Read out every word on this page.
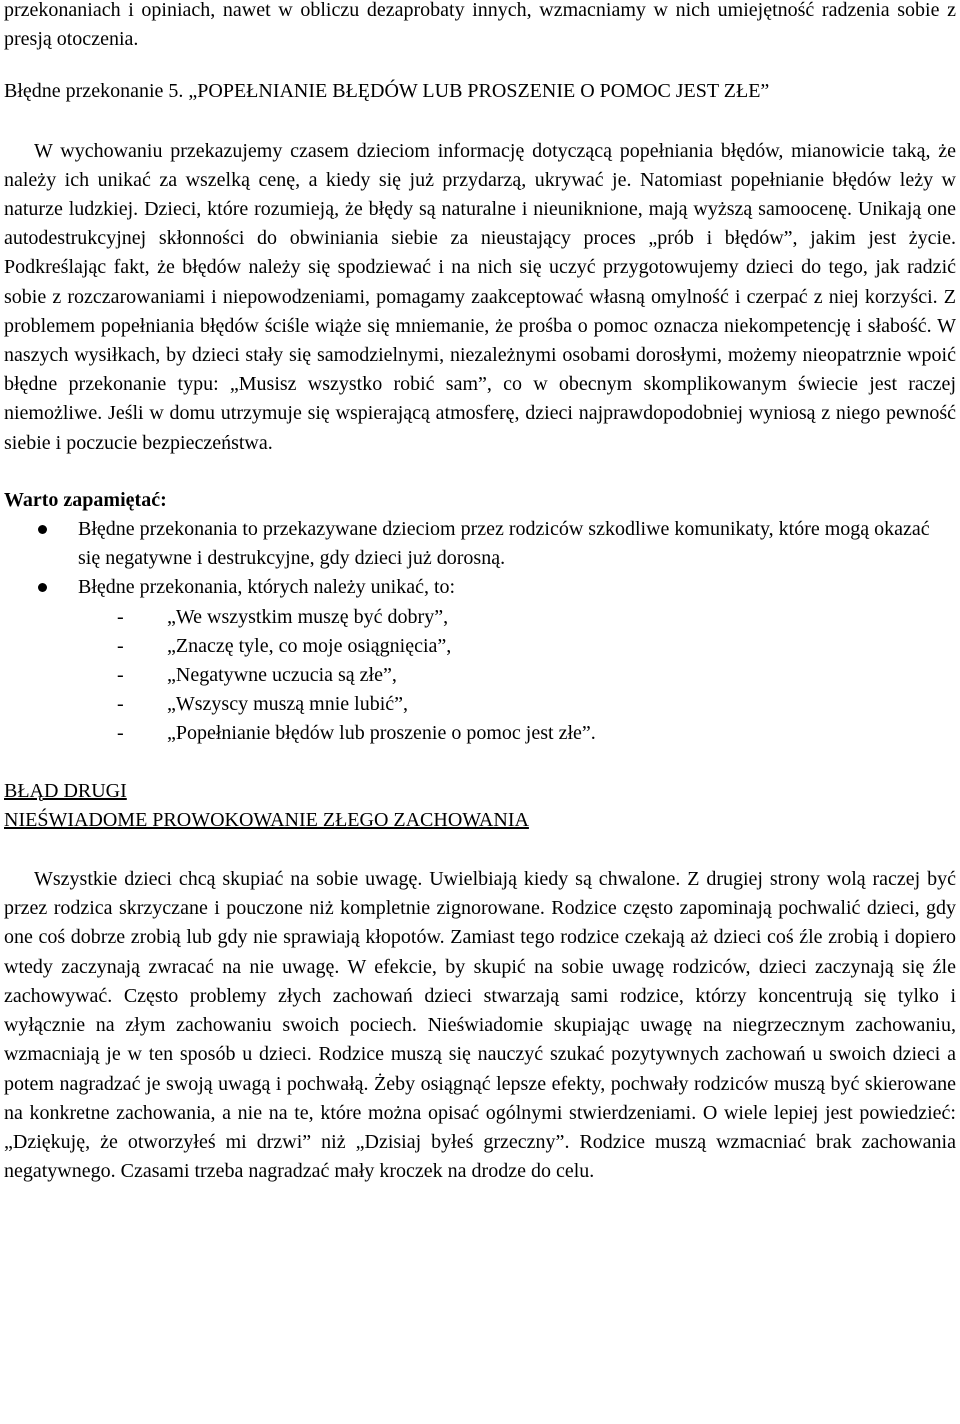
przekonaniach i opiniach, nawet w obliczu dezaprobaty innych, wzmacniamy w nich umiejętność radzenia sobie z presją otoczenia.

Błędne przekonanie 5. „POPEŁNIANIE BŁĘDÓW LUB PROSZENIE O POMOC JEST ZŁE”

W wychowaniu przekazujemy czasem dzieciom informację dotyczącą popełniania błędów, mianowicie taką, że należy ich unikać za wszelką cenę, a kiedy się już przydarzą, ukrywać je. Natomiast popełnianie błędów leży w naturze ludzkiej. Dzieci, które rozumieją, że błędy są naturalne i nieuniknione, mają wyższą samoocenę. Unikają one autodestrukcyjnej skłonności do obwiniania siebie za nieustający proces „prób i błędów”, jakim jest życie. Podkreślając fakt, że błędów należy się spodziewać i na nich się uczyć przygotowujemy dzieci do tego, jak radzić sobie z rozczarowaniami i niepowodzeniami, pomagamy zaakceptować własną omylność i czerpać z niej korzyści. Z problemem popełniania błędów ściśle wiąże się mniemanie, że prośba o pomoc oznacza niekompetencję i słabość. W naszych wysiłkach, by dzieci stały się samodzielnymi, niezależnymi osobami dorosłymi, możemy nieopatrznie wpoić błędne przekonanie typu: „Musisz wszystko robić sam”, co w obecnym skomplikowanym świecie jest raczej niemożliwe. Jeśli w domu utrzymuje się wspierającą atmosferę, dzieci najprawdopodobniej wyniosą z niego pewność siebie i poczucie bezpieczeństwa.

Warto zapamiętać:

Błędne przekonania to przekazywane dzieciom przez rodziców szkodliwe komunikaty, które mogą okazać się negatywne i destrukcyjne, gdy dzieci już dorosną.
Błędne przekonania, których należy unikać, to:
- „We wszystkim muszę być dobry”,
- „Znaczę tyle, co moje osiągnięcia”,
- „Negatywne uczucia są złe”,
- „Wszyscy muszą mnie lubić”,
- „Popełnianie błędów lub proszenie o pomoc jest złe”.

BŁĄD DRUGI

NIEŚWIADOME PROWOKOWANIE ZŁEGO ZACHOWANIA

Wszystkie dzieci chcą skupiać na sobie uwagę. Uwielbiają kiedy są chwalone. Z drugiej strony wolą raczej być przez rodzica skrzyczane i pouczone niż kompletnie zignorowane. Rodzice często zapominają pochwalić dzieci, gdy one coś dobrze zrobią lub gdy nie sprawiają kłopotów. Zamiast tego rodzice czekają aż dzieci coś źle zrobią i dopiero wtedy zaczynają zwracać na nie uwagę. W efekcie, by skupić na sobie uwagę rodziców, dzieci zaczynają się źle zachowywać. Często problemy złych zachowań dzieci stwarzają sami rodzice, którzy koncentrują się tylko i wyłącznie na złym zachowaniu swoich pociech. Nieświadomie skupiając uwagę na niegrzecznym zachowaniu, wzmacniają je w ten sposób u dzieci. Rodzice muszą się nauczyć szukać pozytywnych zachowań u swoich dzieci a potem nagradzać je swoją uwagą i pochwałą. Żeby osiągnąć lepsze efekty, pochwały rodziców muszą być skierowane na konkretne zachowania, a nie na te, które można opisać ogólnymi stwierdzeniami. O wiele lepiej jest powiedzieć: „Dziękuję, że otworzyłeś mi drzwi” niż „Dzisiaj byłeś grzeczny”. Rodzice muszą wzmacniać brak zachowania negatywnego. Czasami trzeba nagradzać mały kroczek na drodze do celu.
